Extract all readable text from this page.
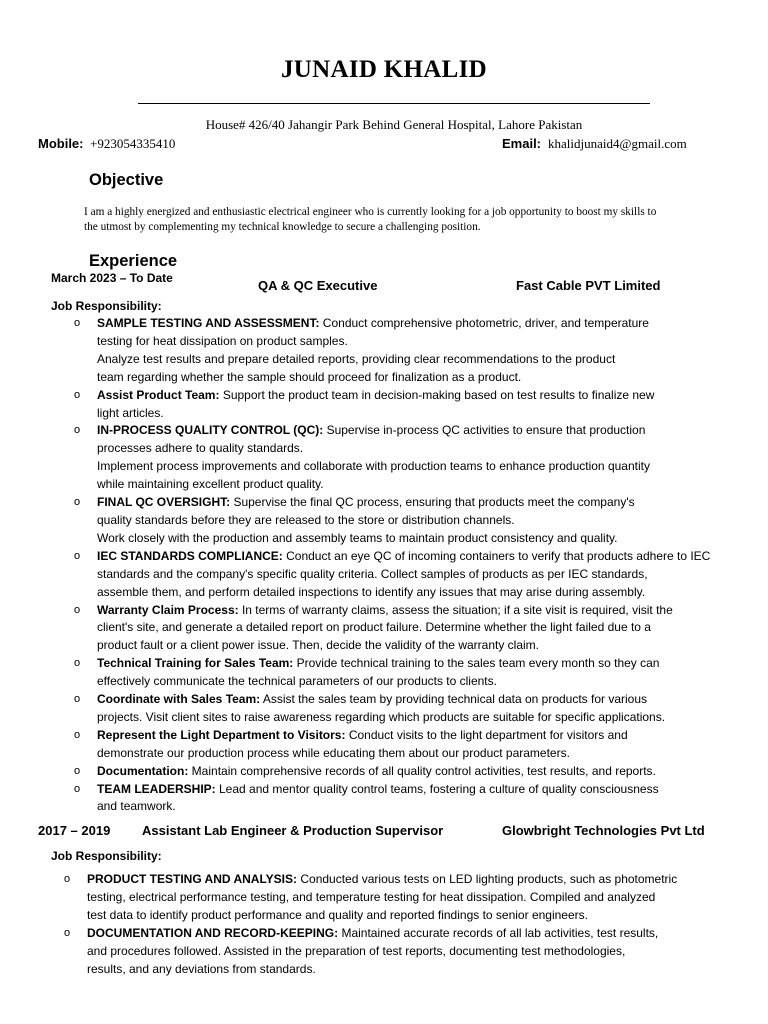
JUNAID KHALID
House# 426/40 Jahangir Park Behind General Hospital, Lahore Pakistan
Mobile: +923054335410	Email: khalidjunaid4@gmail.com
Objective
I am a highly energized and enthusiastic electrical engineer who is currently looking for a job opportunity to boost my skills to
the utmost by complementing my technical knowledge to secure a challenging position.
Experience
March 2023 – To Date	QA & QC Executive	Fast Cable PVT Limited
Job Responsibility:
o SAMPLE TESTING AND ASSESSMENT: Conduct comprehensive photometric, driver, and temperature
testing for heat dissipation on product samples.
Analyze test results and prepare detailed reports, providing clear recommendations to the product
team regarding whether the sample should proceed for finalization as a product.
o Assist Product Team: Support the product team in decision-making based on test results to finalize new
light articles.
o IN-PROCESS QUALITY CONTROL (QC): Supervise in-process QC activities to ensure that production
processes adhere to quality standards.
Implement process improvements and collaborate with production teams to enhance production quantity
while maintaining excellent product quality.
o FINAL QC OVERSIGHT: Supervise the final QC process, ensuring that products meet the company's
quality standards before they are released to the store or distribution channels.
Work closely with the production and assembly teams to maintain product consistency and quality.
o IEC STANDARDS COMPLIANCE: Conduct an eye QC of incoming containers to verify that products adhere to IEC
standards and the company's specific quality criteria. Collect samples of products as per IEC standards,
assemble them, and perform detailed inspections to identify any issues that may arise during assembly.
o Warranty Claim Process: In terms of warranty claims, assess the situation; if a site visit is required, visit the
client's site, and generate a detailed report on product failure. Determine whether the light failed due to a
product fault or a client power issue. Then, decide the validity of the warranty claim.
o Technical Training for Sales Team: Provide technical training to the sales team every month so they can
effectively communicate the technical parameters of our products to clients.
o Coordinate with Sales Team: Assist the sales team by providing technical data on products for various
projects. Visit client sites to raise awareness regarding which products are suitable for specific applications.
o Represent the Light Department to Visitors: Conduct visits to the light department for visitors and
demonstrate our production process while educating them about our product parameters.
o Documentation: Maintain comprehensive records of all quality control activities, test results, and reports.
o TEAM LEADERSHIP: Lead and mentor quality control teams, fostering a culture of quality consciousness
and teamwork.
2017 – 2019 Assistant Lab Engineer & Production Supervisor	Glowbright Technologies Pvt Ltd
Job Responsibility:
o PRODUCT TESTING AND ANALYSIS: Conducted various tests on LED lighting products, such as photometric
testing, electrical performance testing, and temperature testing for heat dissipation. Compiled and analyzed
test data to identify product performance and quality and reported findings to senior engineers.
o DOCUMENTATION AND RECORD-KEEPING: Maintained accurate records of all lab activities, test results,
and procedures followed. Assisted in the preparation of test reports, documenting test methodologies,
results, and any deviations from standards.
